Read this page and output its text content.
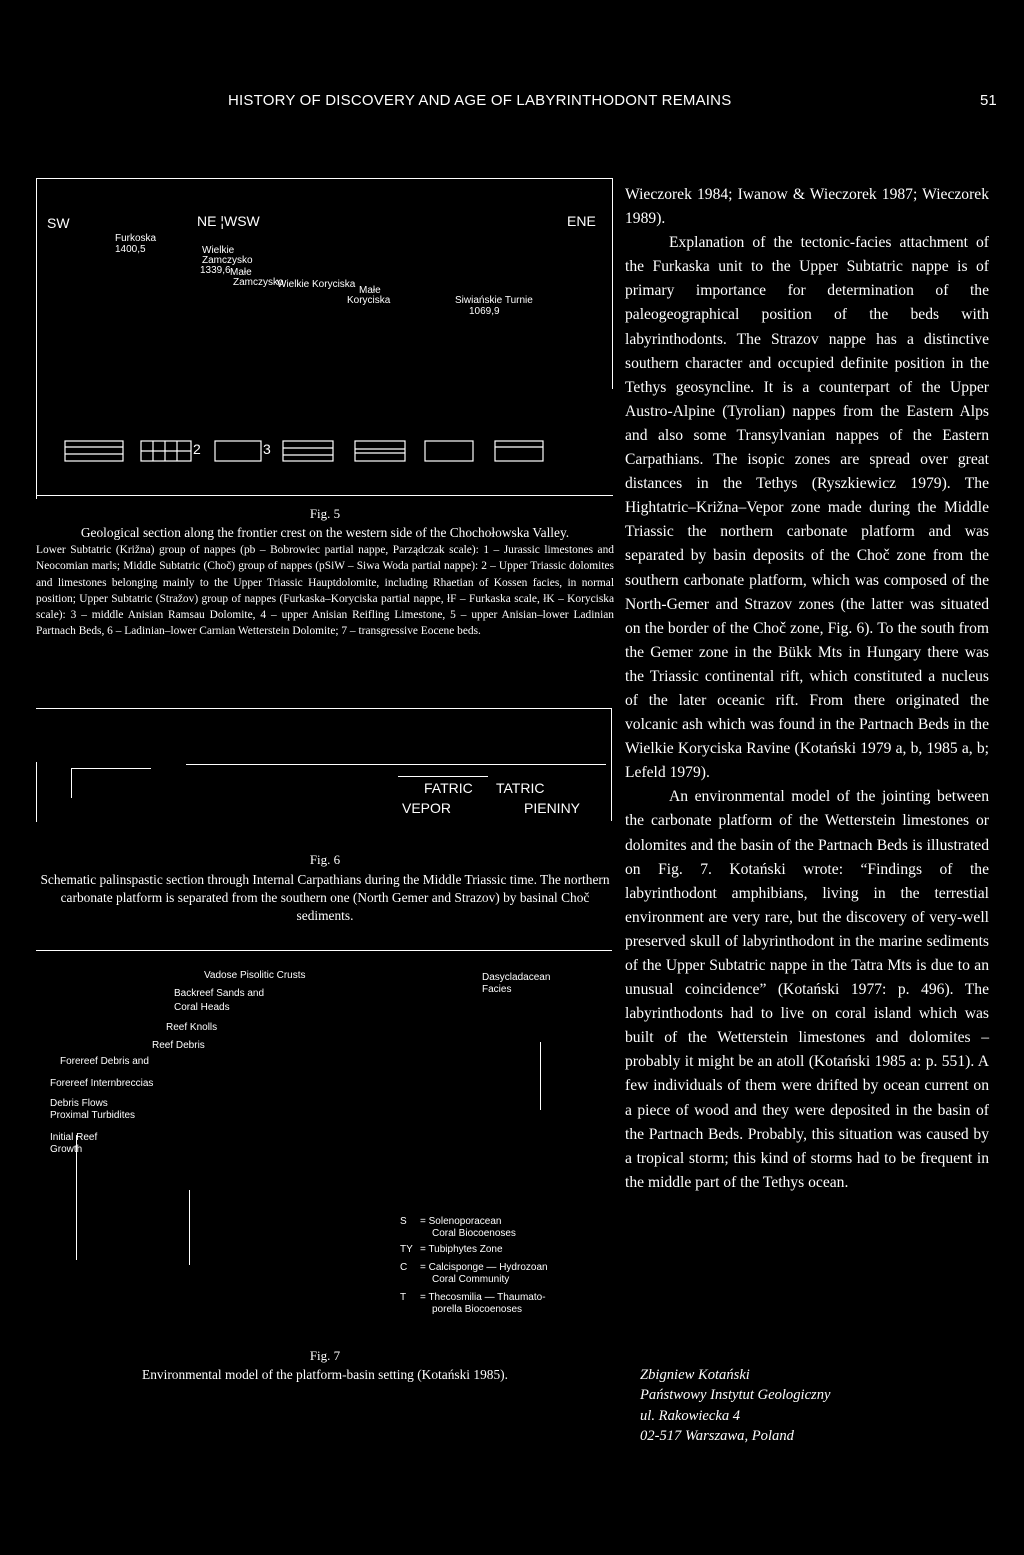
HISTORY OF DISCOVERY AND AGE OF LABYRINTHODONT REMAINS	51
SW	NE ¦WSW	ENE
Furkoska
1400,5	Wielkie
Zamczysko
1339,6 Małe
Zamczysko
Wielkie Koryciska
Małe
Koryciska	Siwiańskie Turnie
1069,9
2	3
Fig. 5
Geological section along the frontier crest on the western side of the Chochołowska Valley.
Lower Subtatric (Križna) group of nappes (pb – Bobrowiec partial nappe, Parządczak scale): 1 – Jurassic limestones and Neocomian marls; Middle Subtatric (Choč) group of nappes (pSiW – Siwa Woda partial nappe): 2 – Upper Triassic dolomites and limestones belonging mainly to the Upper Triassic Hauptdolomite, including Rhaetian of Kossen facies, in normal position; Upper Subtatric (Stražov) group of nappes (Furkaska–Koryciska partial nappe, łF – Furkaska scale, łK – Koryciska scale): 3 – middle Anisian Ramsau Dolomite, 4 – upper Anisian Reifling Limestone, 5 – upper Anisian–lower Ladinian Partnach Beds, 6 – Ladinian–lower Carnian Wetterstein Dolomite; 7 – transgressive Eocene beds.
FATRIC TATRIC
VEPOR	PIENINY
Fig. 6
Schematic palinspastic section through Internal Carpathians during the Middle Triassic time. The northern carbonate platform is separated from the southern one (North Gemer and Strazov) by basinal Choč sediments.
Vadose Pisolitic Crusts
Backreef Sands and
Coral Heads
Dasycladacean
Facies
Reef Knolls
Reef Debris
Forereef Debris and
Forereef Internbreccias
Debris Flows
Proximal Turbidites
Initial Reef
Growth
S = Solenoporacean
Coral Biocoenoses
TY = Tubiphytes Zone
C = Calcisponge — Hydrozoan
Coral Community
T = Thecosmilia — Thaumato-
porella Biocoenoses
Fig. 7
Environmental model of the platform-basin setting (Kotański 1985).

Wieczorek 1984; Iwanow & Wieczorek 1987; Wieczorek 1989).

Explanation of the tectonic-facies attachment of the Furkaska unit to the Upper Subtatric nappe is of primary importance for determination of the paleogeographical position of the beds with labyrinthodonts. The Strazov nappe has a distinctive southern character and occupied definite position in the Tethys geosyncline. It is a counterpart of the Upper Austro-Alpine (Tyrolian) nappes from the Eastern Alps and also some Transylvanian nappes of the Eastern Carpathians. The isopic zones are spread over great distances in the Tethys (Ryszkiewicz 1979). The Hightatric–Križna–Vepor zone made during the Middle Triassic the northern carbonate platform and was separated by basin deposits of the Choč zone from the southern carbonate platform, which was composed of the North-Gemer and Strazov zones (the latter was situated on the border of the Choč zone, Fig. 6). To the south from the Gemer zone in the Bükk Mts in Hungary there was the Triassic continental rift, which constituted a nucleus of the later oceanic rift. From there originated the volcanic ash which was found in the Partnach Beds in the Wielkie Koryciska Ravine (Kotański 1979 a, b, 1985 a, b; Lefeld 1979).

An environmental model of the jointing between the carbonate platform of the Wetterstein limestones or dolomites and the basin of the Partnach Beds is illustrated on Fig. 7. Kotański wrote: “Findings of the labyrinthodont amphibians, living in the terrestial environment are very rare, but the discovery of very-well preserved skull of labyrinthodont in the marine sediments of the Upper Subtatric nappe in the Tatra Mts is due to an unusual coincidence” (Kotański 1977: p. 496). The labyrinthodonts had to live on coral island which was built of the Wetterstein limestones and dolomites – probably it might be an atoll (Kotański 1985 a: p. 551). A few individuals of them were drifted by ocean current on a piece of wood and they were deposited in the basin of the Partnach Beds. Probably, this situation was caused by a tropical storm; this kind of storms had to be frequent in the middle part of the Tethys ocean.

Zbigniew Kotański
Państwowy Instytut Geologiczny
ul. Rakowiecka 4
02-517 Warszawa, Poland
